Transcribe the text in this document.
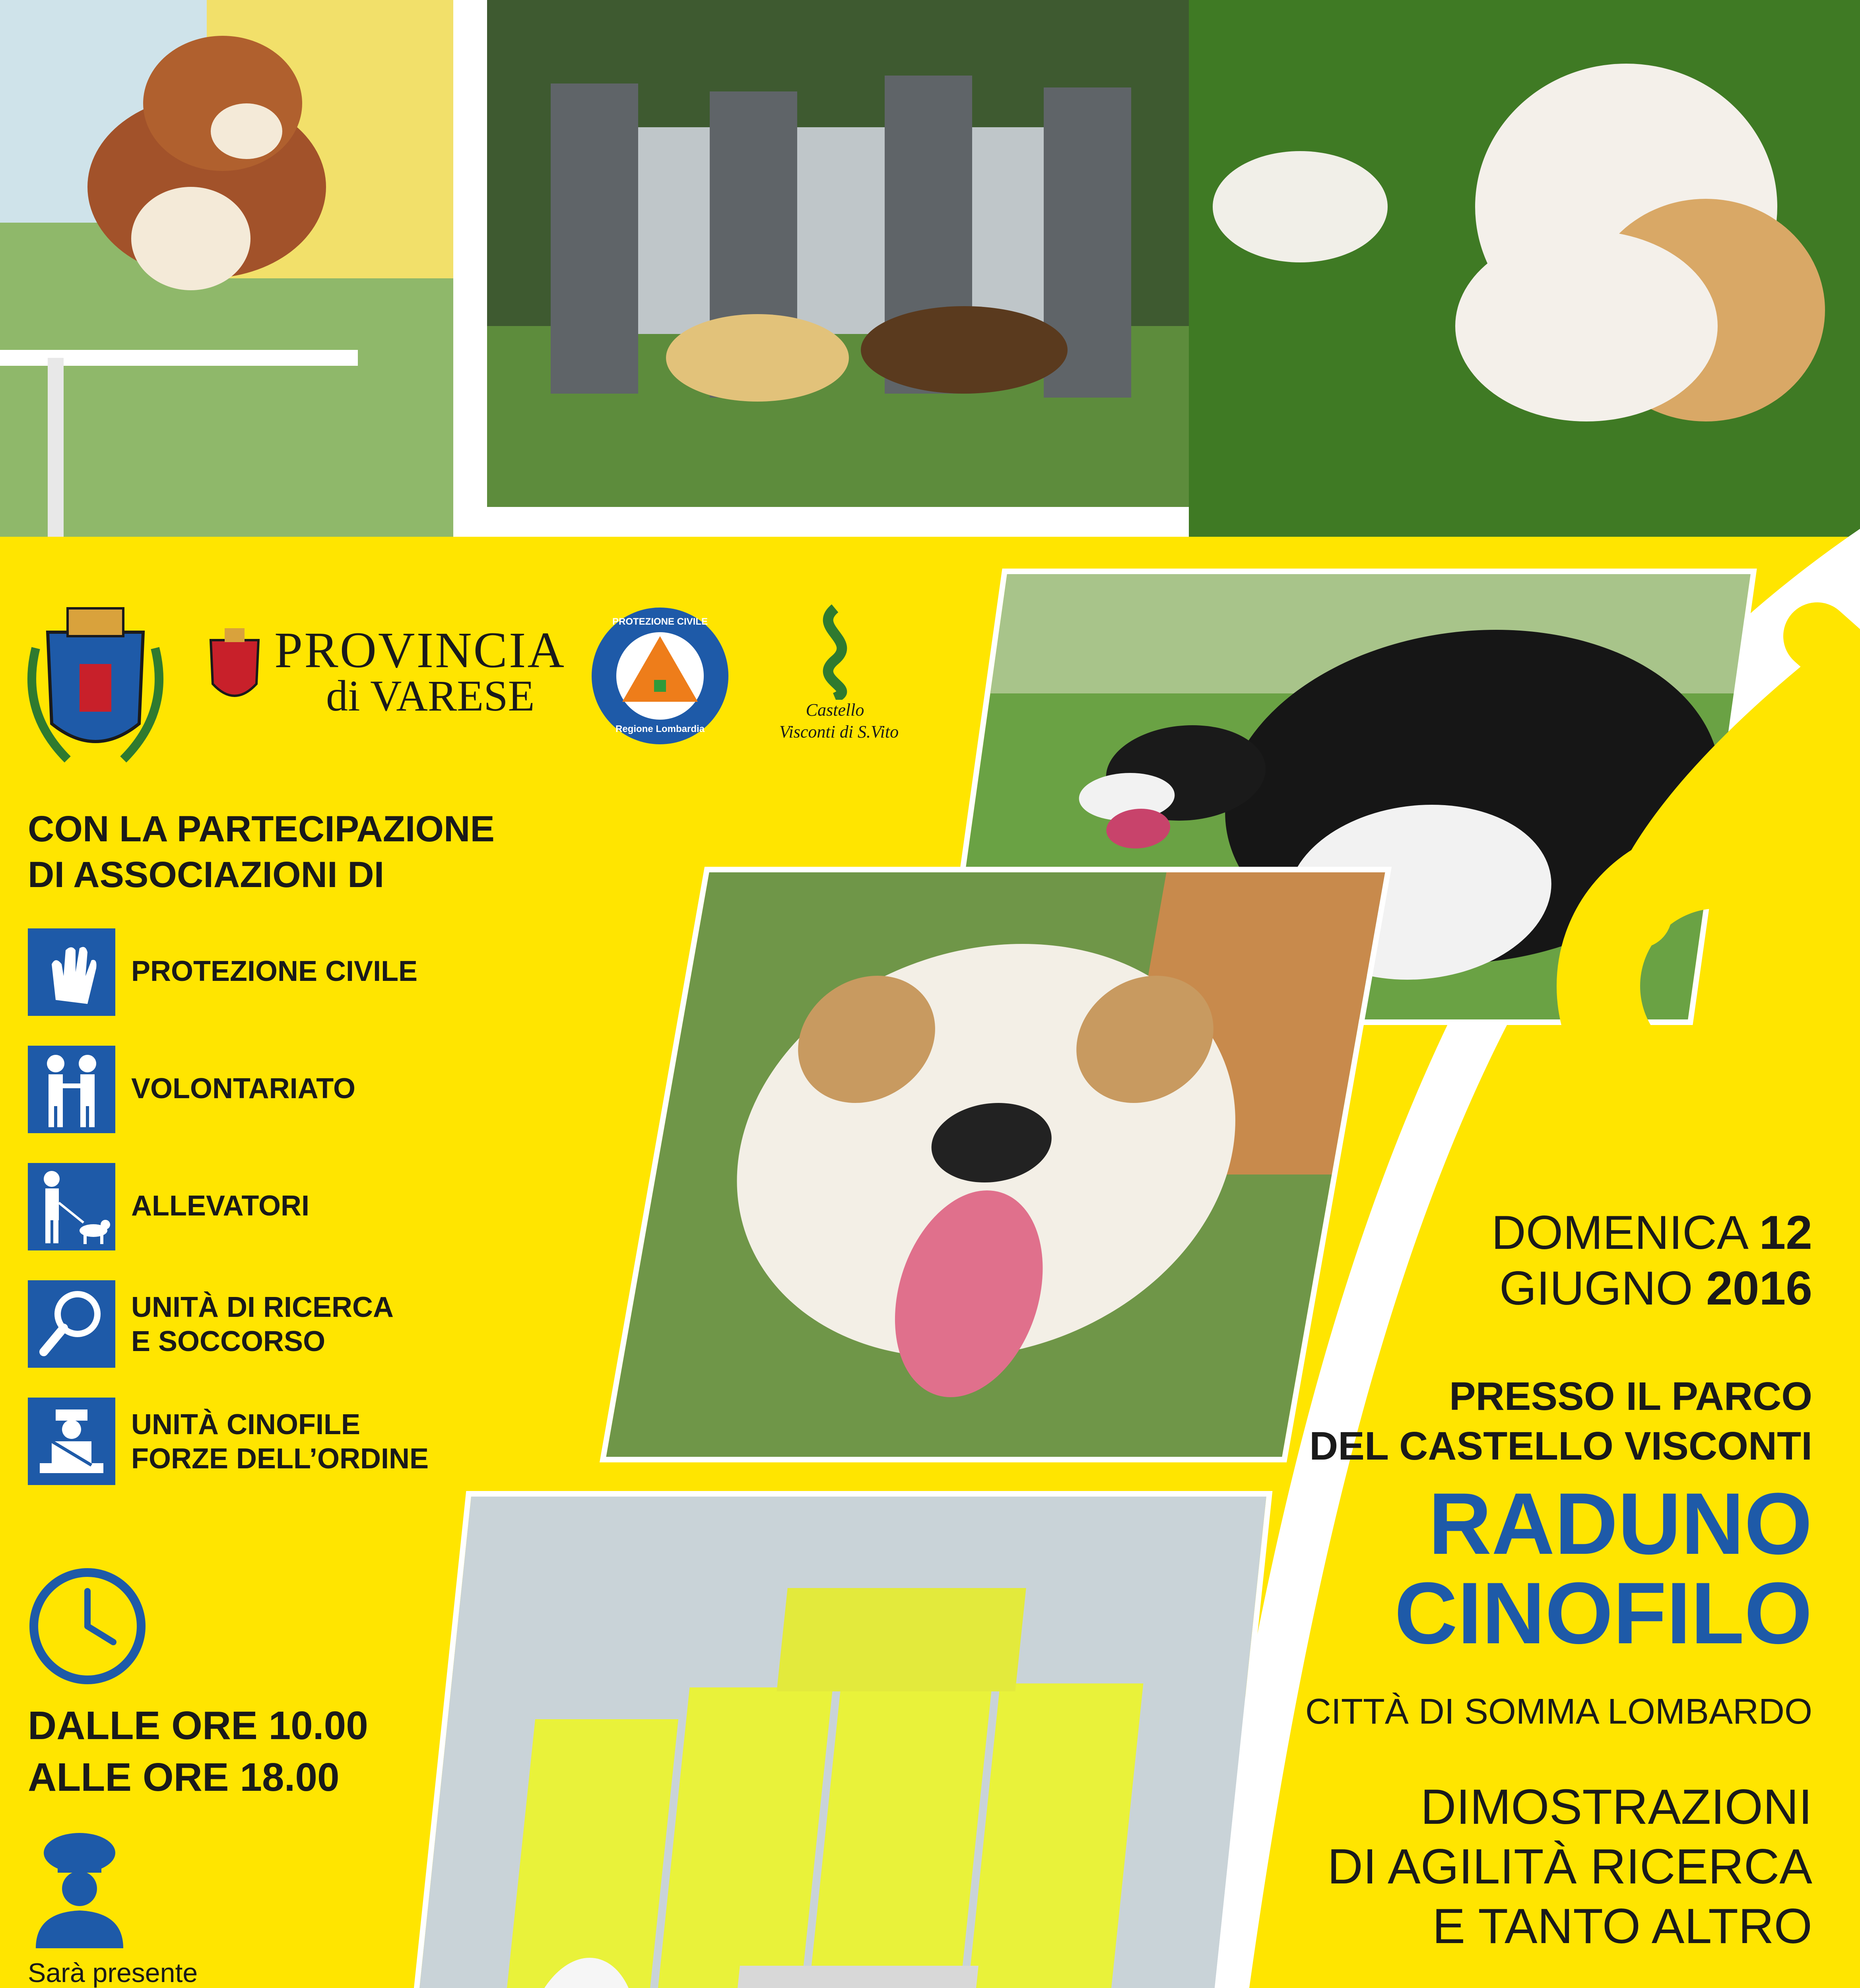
PROVINCIA
di VARESE
PROTEZIONE CIVILE
Regione Lombardia
Castello
Visconti di S.Vito
CON LA PARTECIPAZIONE
DI ASSOCIAZIONI DI
PROTEZIONE CIVILE
VOLONTARIATO
ALLEVATORI
UNITÀ DI RICERCA
E SOCCORSO
UNITÀ CINOFILE
FORZE DELL’ORDINE
DALLE ORE 10.00
ALLE ORE 18.00
Sarà presente
DOMENICA 12
GIUGNO 2016
PRESSO IL PARCO
DEL CASTELLO VISCONTI
RADUNO
CINOFILO
CITTÀ DI SOMMA LOMBARDO
DIMOSTRAZIONI
DI AGILITÀ RICERCA
E TANTO ALTRO
